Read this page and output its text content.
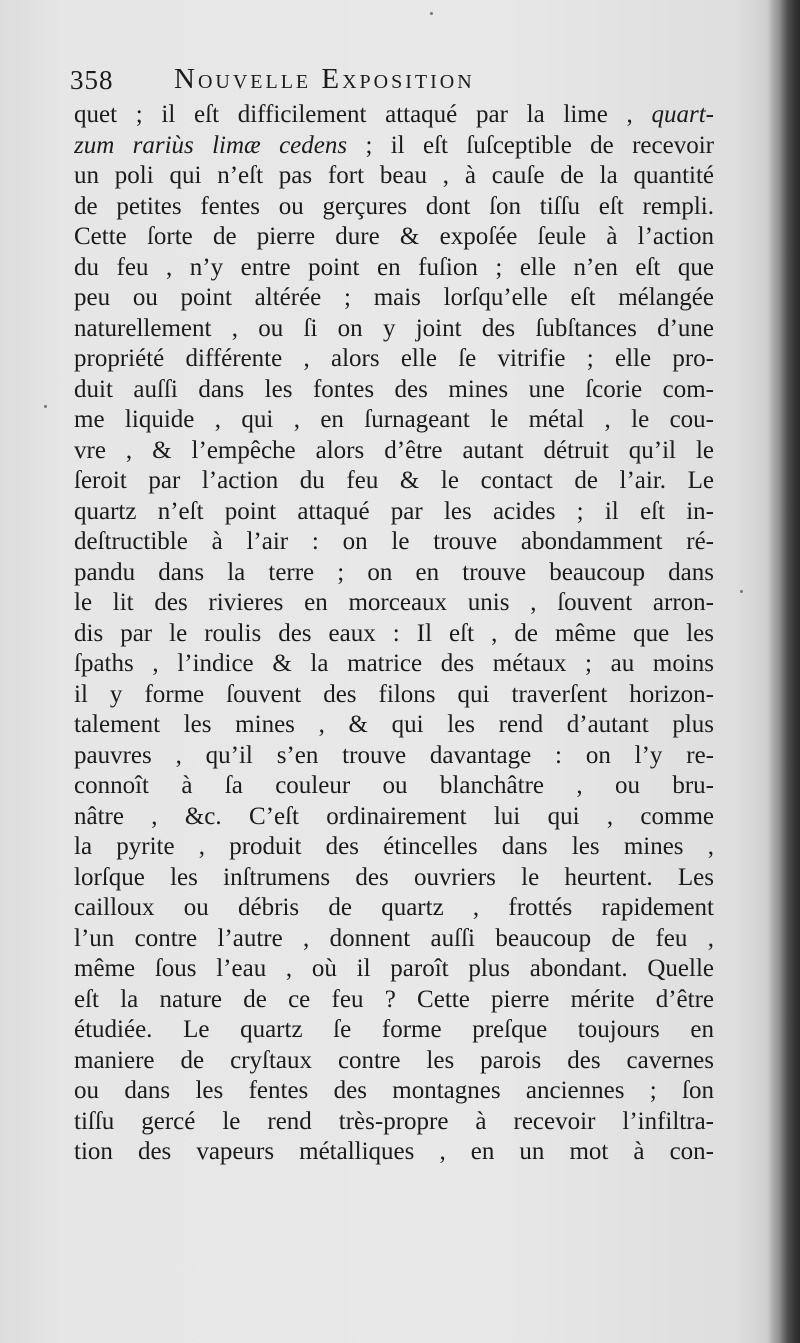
358 Nouvelle Exposition
quet ; il eſt difficilement attaqué par la lime , quart-
zum rariùs limæ cedens ; il eſt ſuſceptible de recevoir
un poli qui n’eſt pas fort beau , à cauſe de la quantité
de petites fentes ou gerçures dont ſon tiſſu eſt rempli.
Cette ſorte de pierre dure & expoſée ſeule à l’action
du feu , n’y entre point en fuſion ; elle n’en eſt que
peu ou point altérée ; mais lorſqu’elle eſt mélangée
naturellement , ou ſi on y joint des ſubſtances d’une
propriété différente , alors elle ſe vitrifie ; elle pro-
duit auſſi dans les fontes des mines une ſcorie com-
me liquide , qui , en ſurnageant le métal , le cou-
vre , & l’empêche alors d’être autant détruit qu’il le
ſeroit par l’action du feu & le contact de l’air. Le
quartz n’eſt point attaqué par les acides ; il eſt in-
deſtructible à l’air : on le trouve abondamment ré-
pandu dans la terre ; on en trouve beaucoup dans
le lit des rivieres en morceaux unis , ſouvent arron-
dis par le roulis des eaux : Il eſt , de même que les
ſpaths , l’indice & la matrice des métaux ; au moins
il y forme ſouvent des filons qui traverſent horizon-
talement les mines , & qui les rend d’autant plus
pauvres , qu’il s’en trouve davantage : on l’y re-
connoît à ſa couleur ou blanchâtre , ou bru-
nâtre , &c. C’eſt ordinairement lui qui , comme
la pyrite , produit des étincelles dans les mines ,
lorſque les inſtrumens des ouvriers le heurtent. Les
cailloux ou débris de quartz , frottés rapidement
l’un contre l’autre , donnent auſſi beaucoup de feu ,
même ſous l’eau , où il paroît plus abondant. Quelle
eſt la nature de ce feu ? Cette pierre mérite d’être
étudiée. Le quartz ſe forme preſque toujours en
maniere de cryſtaux contre les parois des cavernes
ou dans les fentes des montagnes anciennes ; ſon
tiſſu gercé le rend très-propre à recevoir l’infiltra-
tion des vapeurs métalliques , en un mot à con-
